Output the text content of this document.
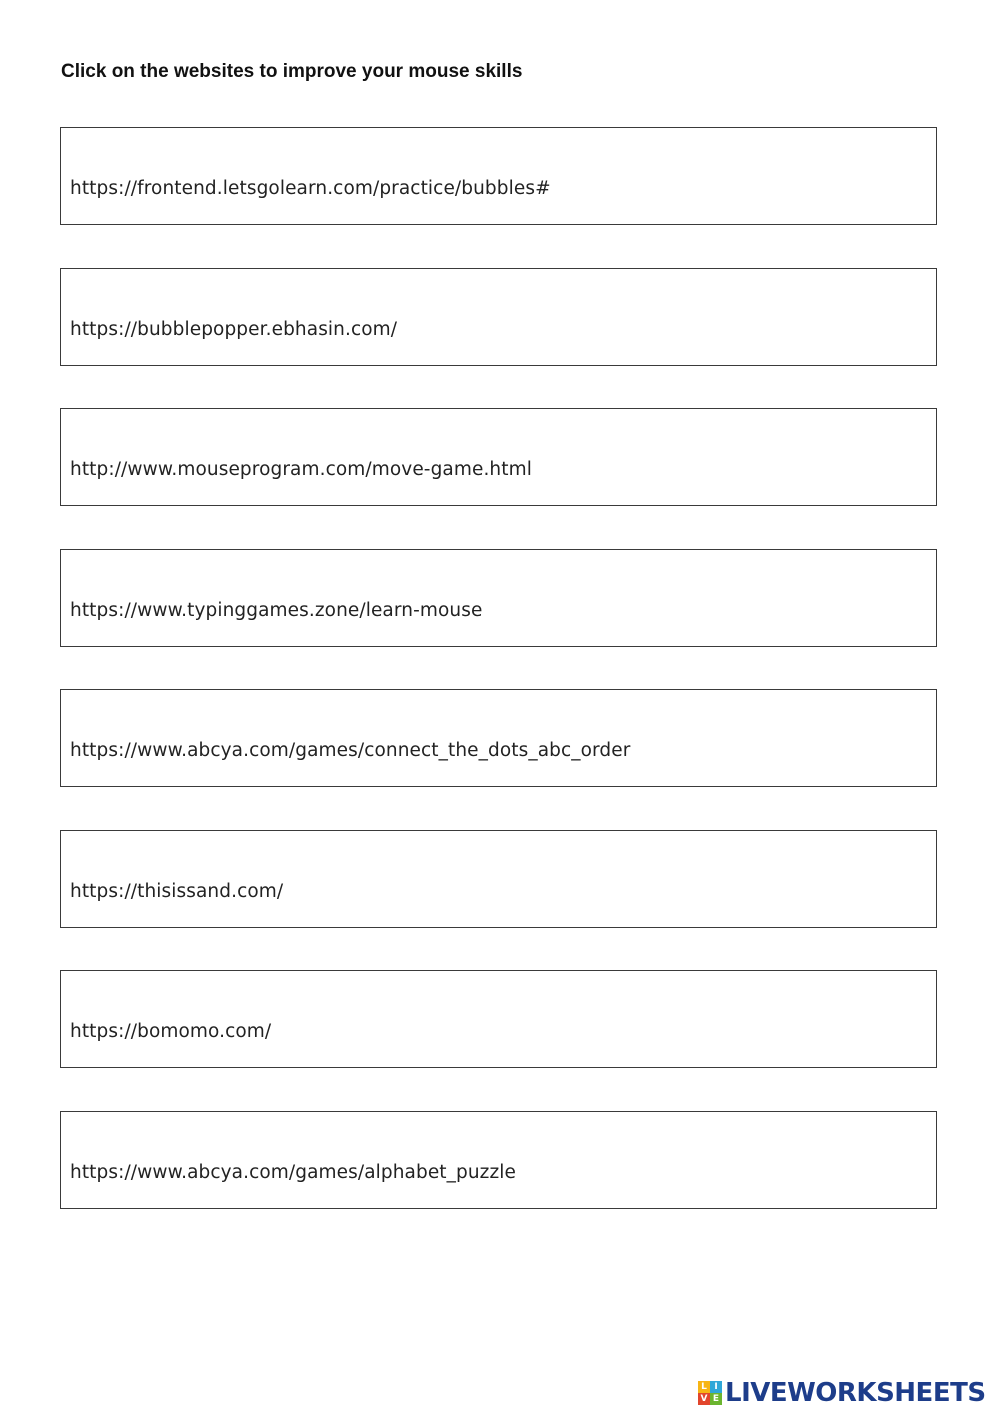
Click on the websites to improve your mouse skills
https://frontend.letsgolearn.com/practice/bubbles#
https://bubblepopper.ebhasin.com/
http://www.mouseprogram.com/move-game.html
https://www.typinggames.zone/learn-mouse
https://www.abcya.com/games/connect_the_dots_abc_order
https://thisissand.com/
https://bomomo.com/
https://www.abcya.com/games/alphabet_puzzle
L I
V E LIVEWORKSHEETS
